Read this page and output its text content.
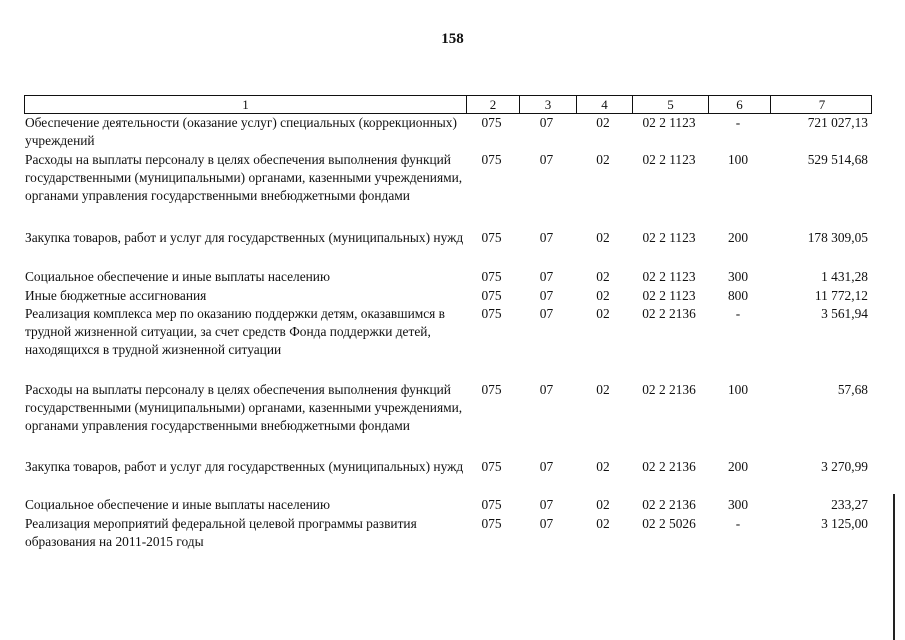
158
1	2	3	4	5	6	7
Обеспечение деятельности (оказание услуг) специальных (коррекционных) учреждений
075	07	02	02 2 1123	-	721 027,13
Расходы на выплаты персоналу в целях обеспечения выполнения функций государственными (муниципальными) органами, казенными учреждениями, органами управления государственными внебюджетными фондами
075	07	02	02 2 1123	100	529 514,68
Закупка товаров, работ и услуг для государственных (муниципальных) нужд	075	07	02	02 2 1123	200	178 309,05
Социальное обеспечение и иные выплаты населению	075	07	02	02 2 1123	300	1 431,28
Иные бюджетные ассигнования	075	07	02	02 2 1123	800	11 772,12
Реализация комплекса мер по оказанию поддержки детям, оказавшимся в трудной жизненной ситуации, за счет средств Фонда поддержки детей, находящихся в трудной жизненной ситуации
075	07	02	02 2 2136	-	3 561,94
Расходы на выплаты персоналу в целях обеспечения выполнения функций государственными (муниципальными) органами, казенными учреждениями, органами управления государственными внебюджетными фондами
075	07	02	02 2 2136	100	57,68
Закупка товаров, работ и услуг для государственных (муниципальных) нужд	075	07	02	02 2 2136	200	3 270,99
Социальное обеспечение и иные выплаты населению	075	07	02	02 2 2136	300	233,27
Реализация мероприятий федеральной целевой программы развития образования на 2011-2015 годы
075	07	02	02 2 5026	-	3 125,00
